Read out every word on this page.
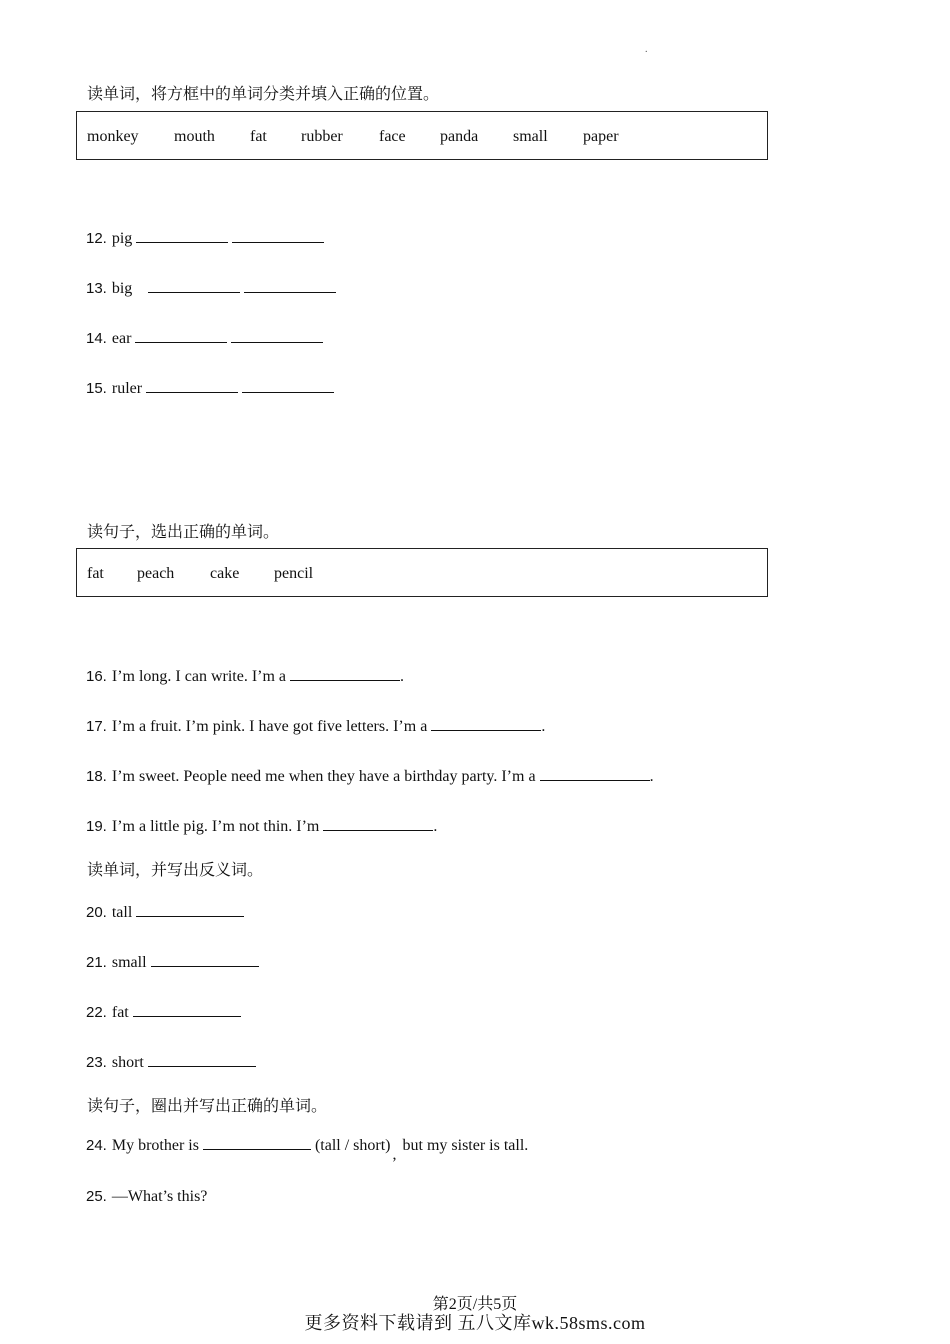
.
读单词，将方框中的单词分类并填入正确的位置。
monkey mouth fat rubber face panda small paper
12. pig
13. big
14. ear
15. ruler
读句子，选出正确的单词。
fat peach cake pencil
16. I’m long. I can write. I’m a	.
17. I’m a fruit. I’m pink. I have got five letters. I’m a	.
18. I’m sweet. People need me when they have a birthday party. I’m a	.
19. I’m a little pig. I’m not thin. I’m	.
读单词，并写出反义词。
20. tall
21. small
22. fat
23. short
读句子，圈出并写出正确的单词。
24. My brother is	(tall / short),but my sister is tall.
25. —What’s this?
第2页/共5页
更多资料下载请到 五八文库wk.58sms.com
